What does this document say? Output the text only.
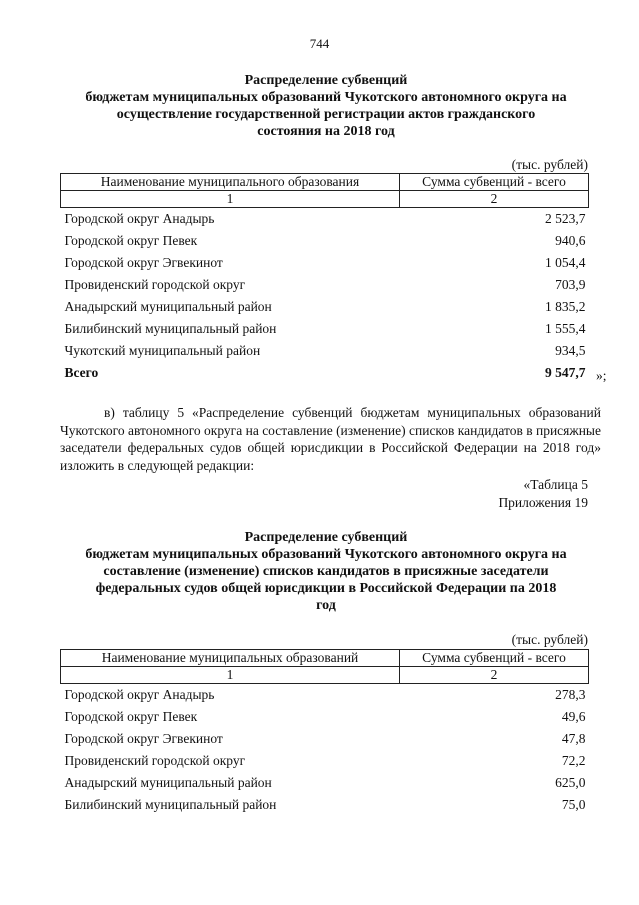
744
Распределение субвенций
бюджетам муниципальных образований Чукотского автономного округа на
осуществление государственной регистрации актов гражданского
состояния на 2018 год
(тыс. рублей)
Наименование муниципального образования	Сумма субвенций - всего
1	2
Городской округ Анадырь	2 523,7
Городской округ Певек	940,6
Городской округ Эгвекинот	1 054,4
Провиденский городской округ	703,9
Анадырский муниципальный район	1 835,2
Билибинский муниципальный район	1 555,4
Чукотский муниципальный район	934,5
Всего	9 547,7 »;
в) таблицу 5 «Распределение субвенций бюджетам муниципальных образований Чукотского автономного округа на составление (изменение) списков кандидатов в присяжные заседатели федеральных судов общей юрисдикции в Российской Федерации на 2018 год» изложить в следующей редакции:
«Таблица 5
Приложения 19
Распределение субвенций
бюджетам муниципальных образований Чукотского автономного округа на
составление (изменение) списков кандидатов в присяжные заседатели
федеральных судов общей юрисдикции в Российской Федерации па 2018
год
(тыс. рублей)
Наименование муниципальных образований	Сумма субвенций - всего
1	2
Городской округ Анадырь	278,3
Городской округ Певек	49,6
Городской округ Эгвекинот	47,8
Провиденский городской округ	72,2
Анадырский муниципальный район	625,0
Билибинский муниципальный район	75,0
